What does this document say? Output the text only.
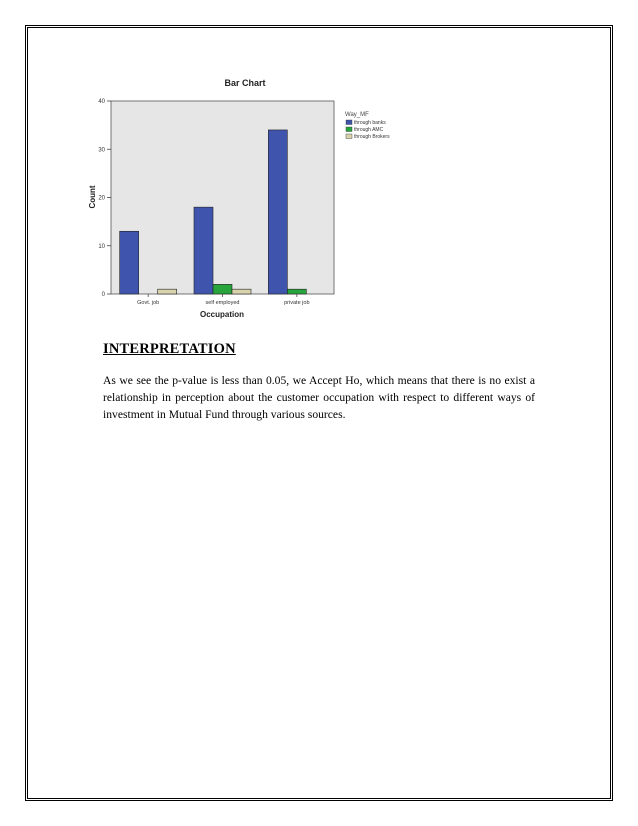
Bar Chart
0
10
20
30
40
Govt. job	self employed	private job
Count
Occupation
Way_MF
through banks
through AMC
through Brokers
INTERPRETATION

As we see the p-value is less than 0.05, we Accept Ho, which means that there is no exist a relationship in perception about the customer occupation with respect to different ways of investment in Mutual Fund through various sources.
